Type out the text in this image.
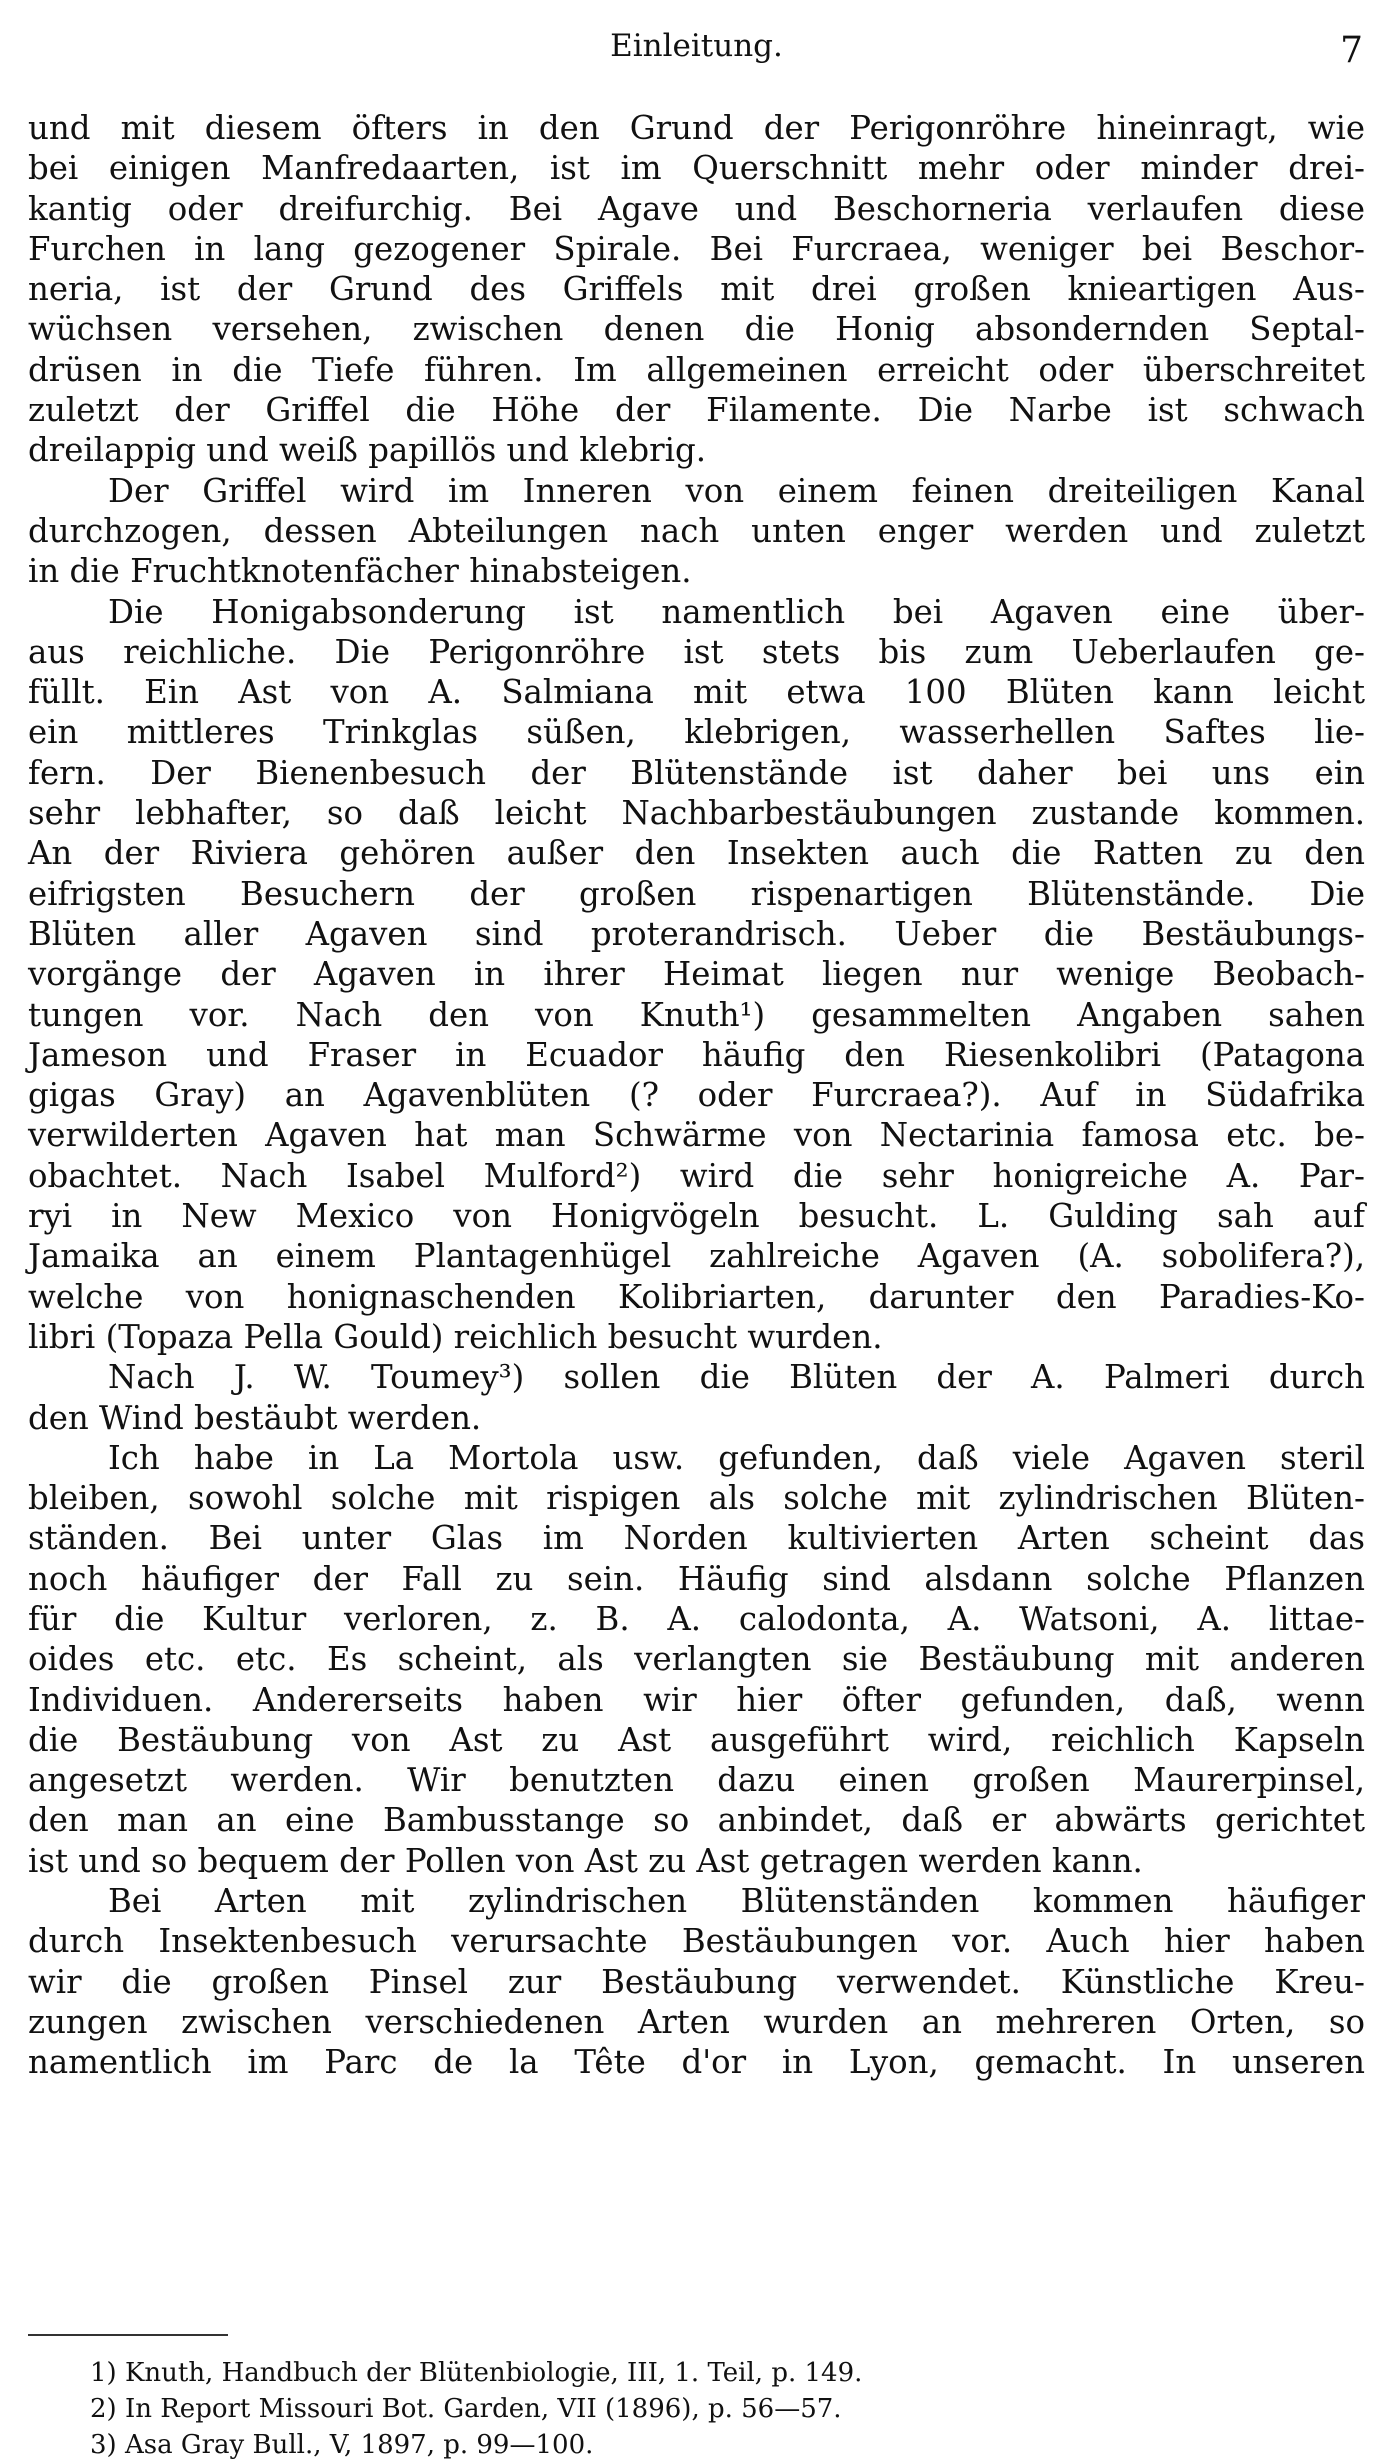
Einleitung.	7
und mit diesem öfters in den Grund der Perigonröhre hineinragt, wie
bei einigen Manfredaarten, ist im Querschnitt mehr oder minder drei-
kantig oder dreifurchig. Bei Agave und Beschorneria verlaufen diese
Furchen in lang gezogener Spirale. Bei Furcraea, weniger bei Beschor-
neria, ist der Grund des Griffels mit drei großen knieartigen Aus-
wüchsen versehen, zwischen denen die Honig absondernden Septal-
drüsen in die Tiefe führen. Im allgemeinen erreicht oder überschreitet
zuletzt der Griffel die Höhe der Filamente. Die Narbe ist schwach
dreilappig und weiß papillös und klebrig.
Der Griffel wird im Inneren von einem feinen dreiteiligen Kanal
durchzogen, dessen Abteilungen nach unten enger werden und zuletzt
in die Fruchtknotenfächer hinabsteigen.
Die Honigabsonderung ist namentlich bei Agaven eine über-
aus reichliche. Die Perigonröhre ist stets bis zum Ueberlaufen ge-
füllt. Ein Ast von A. Salmiana mit etwa 100 Blüten kann leicht
ein mittleres Trinkglas süßen, klebrigen, wasserhellen Saftes lie-
fern. Der Bienenbesuch der Blütenstände ist daher bei uns ein
sehr lebhafter, so daß leicht Nachbarbestäubungen zustande kommen.
An der Riviera gehören außer den Insekten auch die Ratten zu den
eifrigsten Besuchern der großen rispenartigen Blütenstände. Die
Blüten aller Agaven sind proterandrisch. Ueber die Bestäubungs-
vorgänge der Agaven in ihrer Heimat liegen nur wenige Beobach-
tungen vor. Nach den von Knuth¹) gesammelten Angaben sahen
Jameson und Fraser in Ecuador häufig den Riesenkolibri (Patagona
gigas Gray) an Agavenblüten (? oder Furcraea?). Auf in Südafrika
verwilderten Agaven hat man Schwärme von Nectarinia famosa etc. be-
obachtet. Nach Isabel Mulford²) wird die sehr honigreiche A. Par-
ryi in New Mexico von Honigvögeln besucht. L. Gulding sah auf
Jamaika an einem Plantagenhügel zahlreiche Agaven (A. sobolifera?),
welche von honignaschenden Kolibriarten, darunter den Paradies-Ko-
libri (Topaza Pella Gould) reichlich besucht wurden.
Nach J. W. Toumey³) sollen die Blüten der A. Palmeri durch
den Wind bestäubt werden.
Ich habe in La Mortola usw. gefunden, daß viele Agaven steril
bleiben, sowohl solche mit rispigen als solche mit zylindrischen Blüten-
ständen. Bei unter Glas im Norden kultivierten Arten scheint das
noch häufiger der Fall zu sein. Häufig sind alsdann solche Pflanzen
für die Kultur verloren, z. B. A. calodonta, A. Watsoni, A. littae-
oides etc. etc. Es scheint, als verlangten sie Bestäubung mit anderen
Individuen. Andererseits haben wir hier öfter gefunden, daß, wenn
die Bestäubung von Ast zu Ast ausgeführt wird, reichlich Kapseln
angesetzt werden. Wir benutzten dazu einen großen Maurerpinsel,
den man an eine Bambusstange so anbindet, daß er abwärts gerichtet
ist und so bequem der Pollen von Ast zu Ast getragen werden kann.
Bei Arten mit zylindrischen Blütenständen kommen häufiger
durch Insektenbesuch verursachte Bestäubungen vor. Auch hier haben
wir die großen Pinsel zur Bestäubung verwendet. Künstliche Kreu-
zungen zwischen verschiedenen Arten wurden an mehreren Orten, so
namentlich im Parc de la Tête d'or in Lyon, gemacht. In unseren
1) Knuth, Handbuch der Blütenbiologie, III, 1. Teil, p. 149.
2) In Report Missouri Bot. Garden, VII (1896), p. 56—57.
3) Asa Gray Bull., V, 1897, p. 99—100.
